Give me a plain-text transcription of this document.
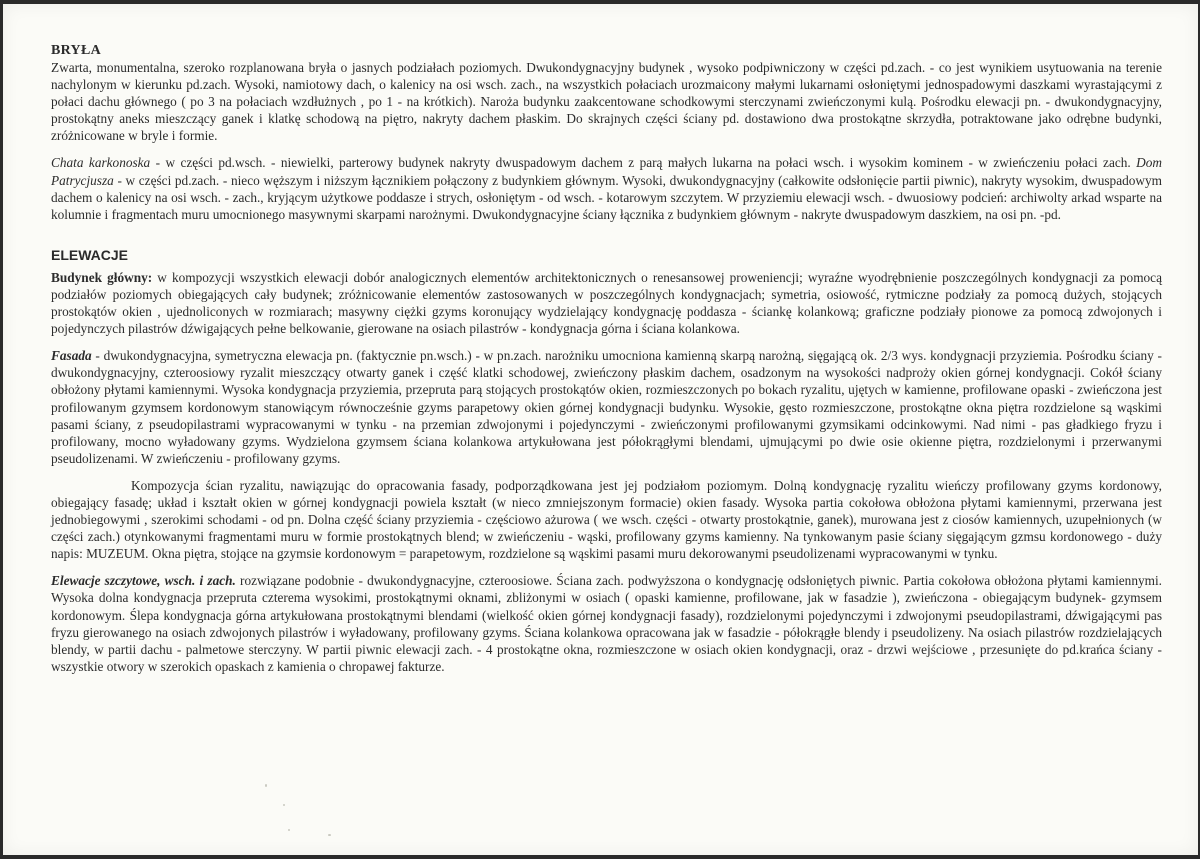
BRYŁA

Zwarta, monumentalna, szeroko rozplanowana bryła o jasnych podziałach poziomych. Dwukondygnacyjny budynek , wysoko podpiwniczony w części pd.zach. - co jest wynikiem usytuowania na terenie nachylonym w kierunku pd.zach. Wysoki, namiotowy dach, o kalenicy na osi wsch. zach., na wszystkich połaciach urozmaicony małymi lukarnami osłoniętymi jednospadowymi daszkami wyrastającymi z połaci dachu głównego ( po 3 na połaciach wzdłużnych , po 1 - na krótkich). Naroża budynku zaakcentowane schodkowymi sterczynami zwieńczonymi kulą. Pośrodku elewacji pn. - dwukondygnacyjny, prostokątny aneks mieszczący ganek i klatkę schodową na piętro, nakryty dachem płaskim. Do skrajnych części ściany pd. dostawiono dwa prostokątne skrzydła, potraktowane jako odrębne budynki, zróżnicowane w bryle i formie.

Chata karkonoska - w części pd.wsch. - niewielki, parterowy budynek nakryty dwuspadowym dachem z parą małych lukarna na połaci wsch. i wysokim kominem - w zwieńczeniu połaci zach. Dom Patrycjusza - w części pd.zach. - nieco węższym i niższym łącznikiem połączony z budynkiem głównym. Wysoki, dwukondygnacyjny (całkowite odsłonięcie partii piwnic), nakryty wysokim, dwuspadowym dachem o kalenicy na osi wsch. - zach., kryjącym użytkowe poddasze i strych, osłoniętym - od wsch. - kotarowym szczytem. W przyziemiu elewacji wsch. - dwuosiowy podcień: archiwolty arkad wsparte na kolumnie i fragmentach muru umocnionego masywnymi skarpami narożnymi. Dwukondygnacyjne ściany łącznika z budynkiem głównym - nakryte dwuspadowym daszkiem, na osi pn. -pd.

ELEWACJE

Budynek główny: w kompozycji wszystkich elewacji dobór analogicznych elementów architektonicznych o renesansowej proweniencji; wyraźne wyodrębnienie poszczególnych kondygnacji za pomocą podziałów poziomych obiegających cały budynek; zróżnicowanie elementów zastosowanych w poszczególnych kondygnacjach; symetria, osiowość, rytmiczne podziały za pomocą dużych, stojących prostokątów okien , ujednoliconych w rozmiarach; masywny ciężki gzyms koronujący wydzielający kondygnację poddasza - ściankę kolankową; graficzne podziały pionowe za pomocą zdwojonych i pojedynczych pilastrów dźwigających pełne belkowanie, gierowane na osiach pilastrów - kondygnacja górna i ściana kolankowa.

Fasada - dwukondygnacyjna, symetryczna elewacja pn. (faktycznie pn.wsch.) - w pn.zach. narożniku umocniona kamienną skarpą narożną, sięgającą ok. 2/3 wys. kondygnacji przyziemia. Pośrodku ściany - dwukondygnacyjny, czteroosiowy ryzalit mieszczący otwarty ganek i część klatki schodowej, zwieńczony płaskim dachem, osadzonym na wysokości nadproży okien górnej kondygnacji. Cokół ściany obłożony płytami kamiennymi. Wysoka kondygnacja przyziemia, przepruta parą stojących prostokątów okien, rozmieszczonych po bokach ryzalitu, ujętych w kamienne, profilowane opaski - zwieńczona jest profilowanym gzymsem kordonowym stanowiącym równocześnie gzyms parapetowy okien górnej kondygnacji budynku. Wysokie, gęsto rozmieszczone, prostokątne okna piętra rozdzielone są wąskimi pasami ściany, z pseudopilastrami wypracowanymi w tynku - na przemian zdwojonymi i pojedynczymi - zwieńczonymi profilowanymi gzymsikami odcinkowymi. Nad nimi - pas gładkiego fryzu i profilowany, mocno wyładowany gzyms. Wydzielona gzymsem ściana kolankowa artykułowana jest półokrągłymi blendami, ujmującymi po dwie osie okienne piętra, rozdzielonymi i przerwanymi pseudolizenami. W zwieńczeniu - profilowany gzyms.

Kompozycja ścian ryzalitu, nawiązując do opracowania fasady, podporządkowana jest jej podziałom poziomym. Dolną kondygnację ryzalitu wieńczy profilowany gzyms kordonowy, obiegający fasadę; układ i kształt okien w górnej kondygnacji powiela kształt (w nieco zmniejszonym formacie) okien fasady. Wysoka partia cokołowa obłożona płytami kamiennymi, przerwana jest jednobiegowymi , szerokimi schodami - od pn. Dolna część ściany przyziemia - częściowo ażurowa ( we wsch. części - otwarty prostokątnie, ganek), murowana jest z ciosów kamiennych, uzupełnionych (w części zach.) otynkowanymi fragmentami muru w formie prostokątnych blend; w zwieńczeniu - wąski, profilowany gzyms kamienny. Na tynkowanym pasie ściany sięgającym gzmsu kordonowego - duży napis: MUZEUM. Okna piętra, stojące na gzymsie kordonowym = parapetowym, rozdzielone są wąskimi pasami muru dekorowanymi pseudolizenami wypracowanymi w tynku.

Elewacje szczytowe, wsch. i zach. rozwiązane podobnie - dwukondygnacyjne, czteroosiowe. Ściana zach. podwyższona o kondygnację odsłoniętych piwnic. Partia cokołowa obłożona płytami kamiennymi. Wysoka dolna kondygnacja przepruta czterema wysokimi, prostokątnymi oknami, zbliżonymi w osiach ( opaski kamienne, profilowane, jak w fasadzie ), zwieńczona - obiegającym budynek- gzymsem kordonowym. Ślepa kondygnacja górna artykułowana prostokątnymi blendami (wielkość okien górnej kondygnacji fasady), rozdzielonymi pojedynczymi i zdwojonymi pseudopilastrami, dźwigającymi pas fryzu gierowanego na osiach zdwojonych pilastrów i wyładowany, profilowany gzyms. Ściana kolankowa opracowana jak w fasadzie - półokrągłe blendy i pseudolizeny. Na osiach pilastrów rozdzielających blendy, w partii dachu - palmetowe sterczyny. W partii piwnic elewacji zach. - 4 prostokątne okna, rozmieszczone w osiach okien kondygnacji, oraz - drzwi wejściowe , przesunięte do pd.krańca ściany - wszystkie otwory w szerokich opaskach z kamienia o chropawej fakturze.
